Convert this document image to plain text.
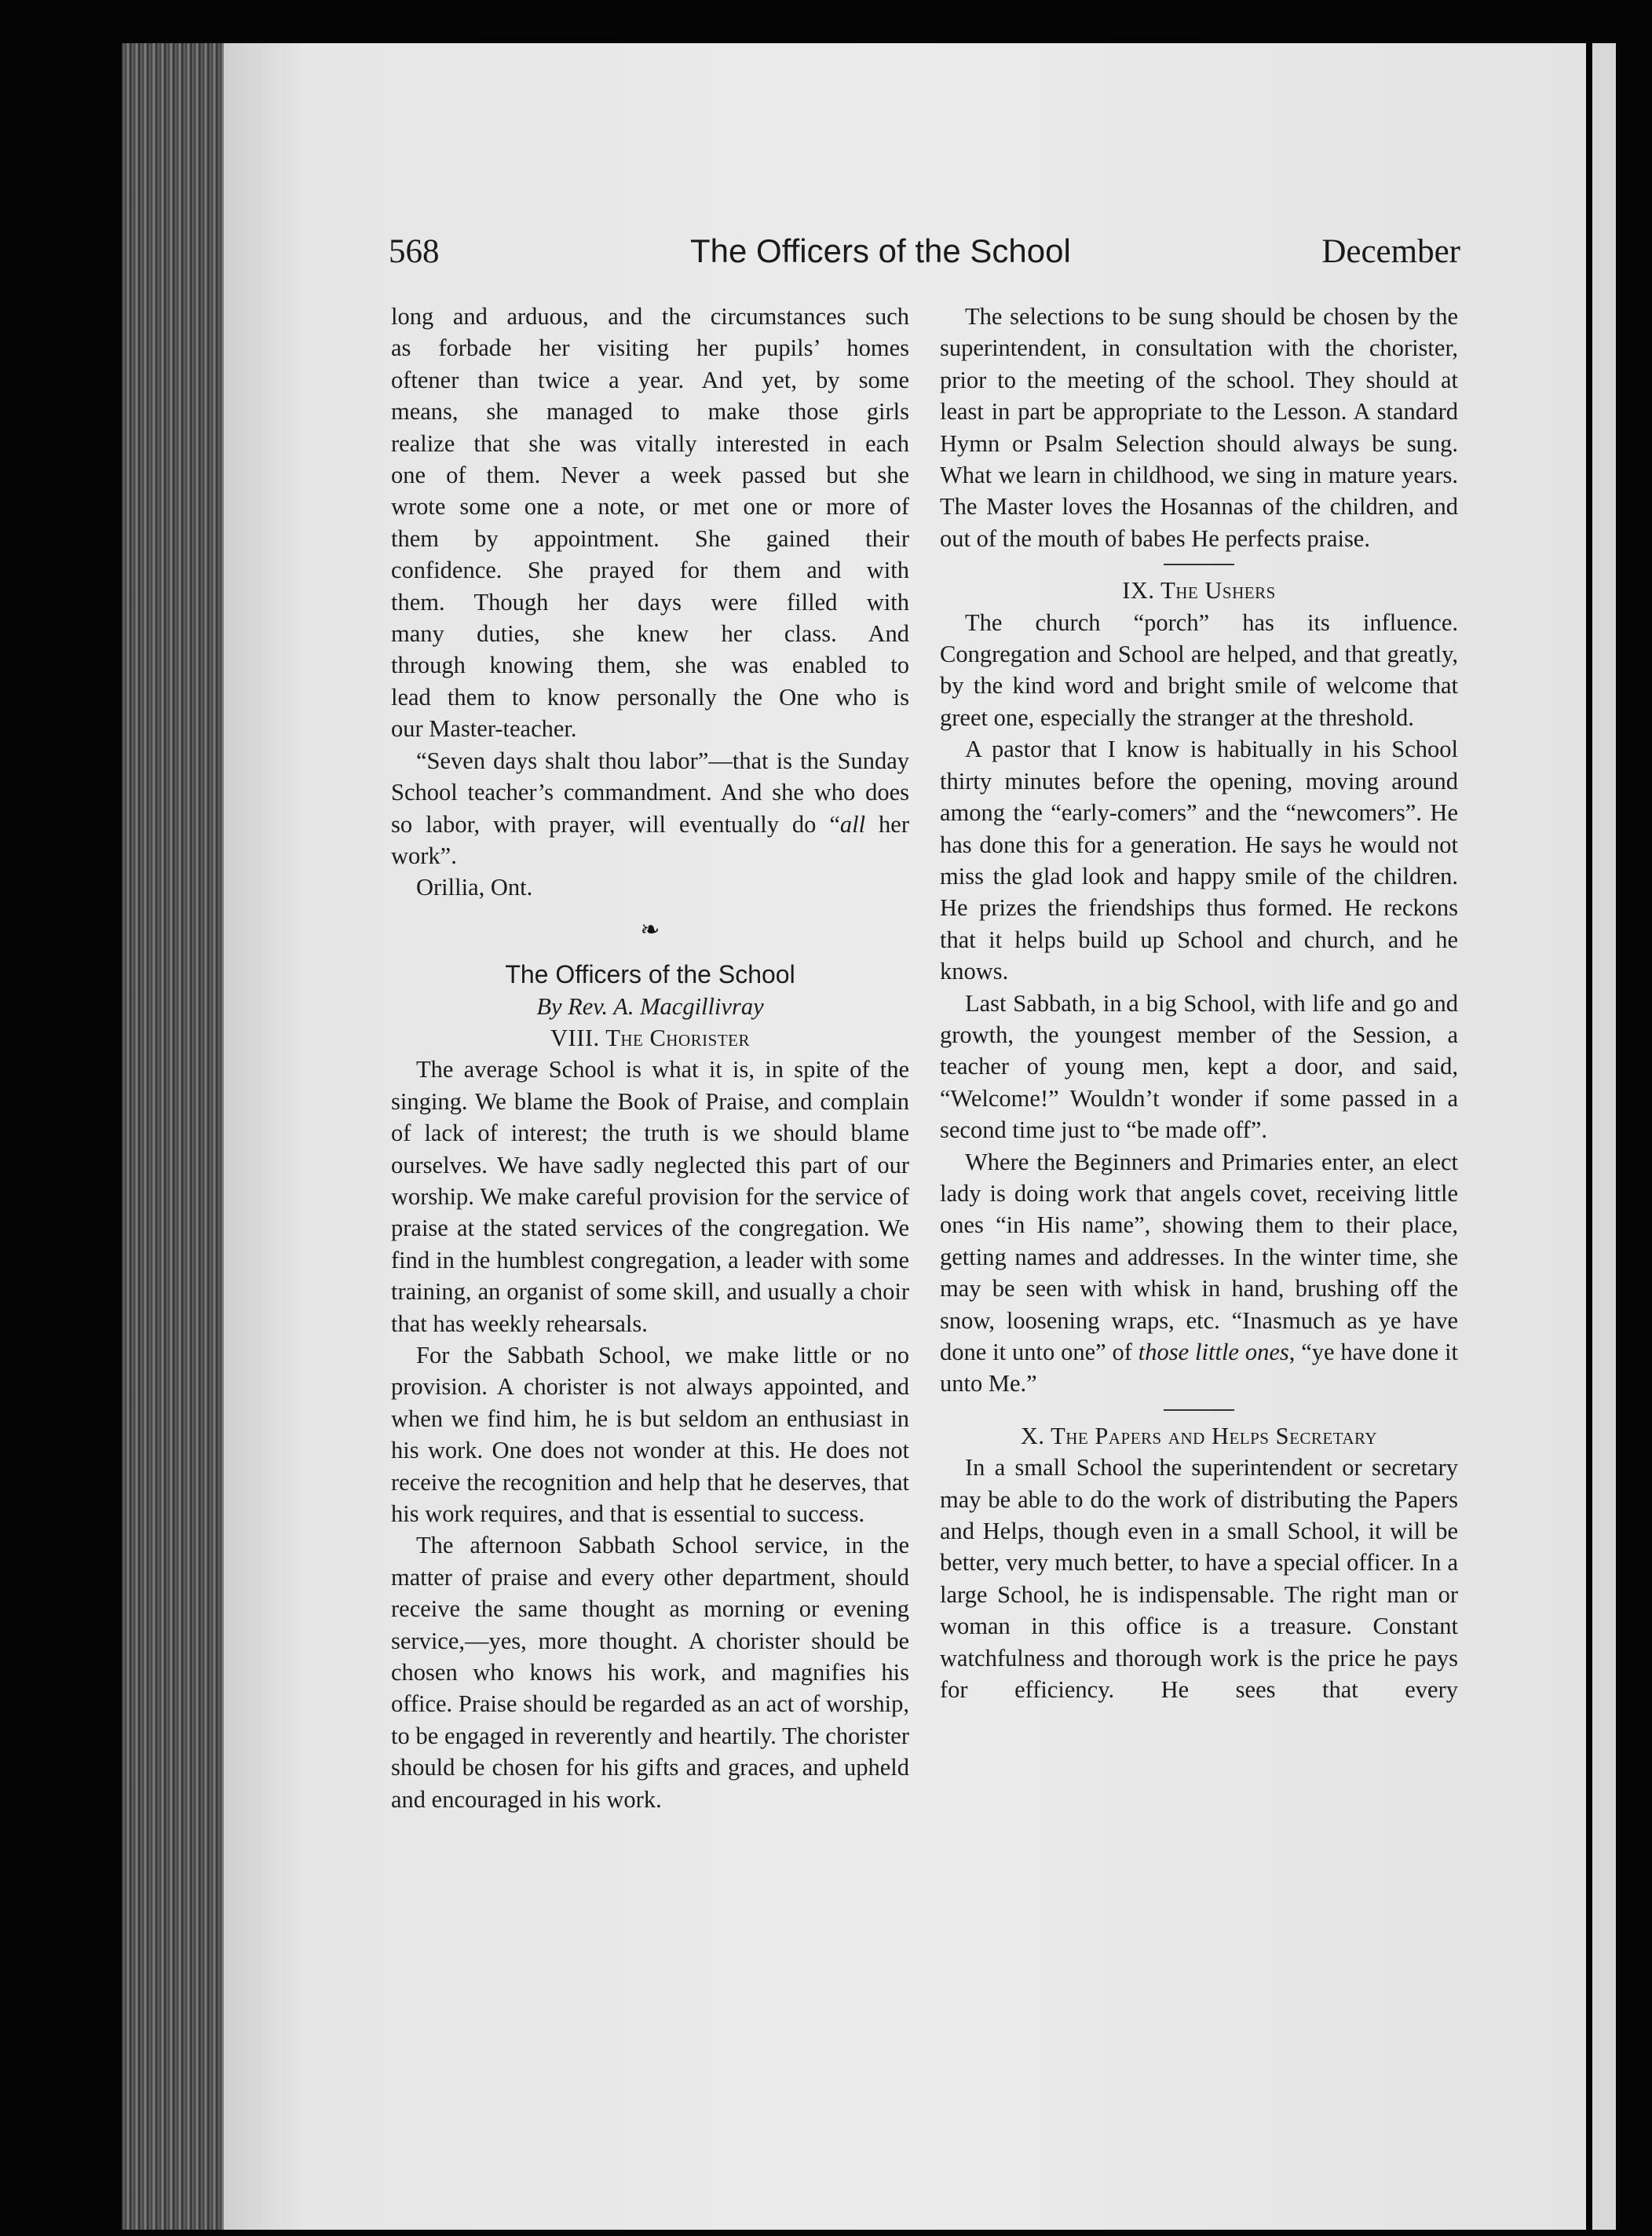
568	The Officers of the School	December

long and arduous, and the circumstances such
as forbade her visiting her pupils’ homes
oftener than twice a year. And yet, by some
means, she managed to make those girls
realize that she was vitally interested in each
one of them. Never a week passed but she
wrote some one a note, or met one or more of
them by appointment. She gained their
confidence. She prayed for them and with
them. Though her days were filled with
many duties, she knew her class. And
through knowing them, she was enabled to
lead them to know personally the One who is
our Master-teacher.

“Seven days shalt thou labor”—that is the Sunday School teacher’s commandment. And she who does so labor, with prayer, will eventually do “all her work”.

Orillia, Ont.

❧

The Officers of the School

By Rev. A. Macgillivray

VIII. The Chorister

The average School is what it is, in spite of the singing. We blame the Book of Praise, and complain of lack of interest; the truth is we should blame ourselves. We have sadly neglected this part of our worship. We make careful provision for the service of praise at the stated services of the congregation. We find in the humblest congregation, a leader with some training, an organist of some skill, and usually a choir that has weekly rehearsals.

For the Sabbath School, we make little or no provision. A chorister is not always appointed, and when we find him, he is but seldom an enthusiast in his work. One does not wonder at this. He does not receive the recognition and help that he deserves, that his work requires, and that is essential to success.

The afternoon Sabbath School service, in the matter of praise and every other department, should receive the same thought as morning or evening service,—yes, more thought. A chorister should be chosen who knows his work, and magnifies his office. Praise should be regarded as an act of worship, to be engaged in reverently and heartily. The chorister should be chosen for his gifts and graces, and upheld and encouraged in his work.

The selections to be sung should be chosen by the superintendent, in consultation with the chorister, prior to the meeting of the school. They should at least in part be appropriate to the Lesson. A standard Hymn or Psalm Selection should always be sung. What we learn in childhood, we sing in mature years. The Master loves the Hosannas of the children, and out of the mouth of babes He perfects praise.

IX. The Ushers

The church “porch” has its influence. Congregation and School are helped, and that greatly, by the kind word and bright smile of welcome that greet one, especially the stranger at the threshold.

A pastor that I know is habitually in his School thirty minutes before the opening, moving around among the “early-comers” and the “newcomers”. He has done this for a generation. He says he would not miss the glad look and happy smile of the children. He prizes the friendships thus formed. He reckons that it helps build up School and church, and he knows.

Last Sabbath, in a big School, with life and go and growth, the youngest member of the Session, a teacher of young men, kept a door, and said, “Welcome!” Wouldn’t wonder if some passed in a second time just to “be made off”.

Where the Beginners and Primaries enter, an elect lady is doing work that angels covet, receiving little ones “in His name”, showing them to their place, getting names and addresses. In the winter time, she may be seen with whisk in hand, brushing off the snow, loosening wraps, etc. “Inasmuch as ye have done it unto one” of those little ones, “ye have done it unto Me.”

X. The Papers and Helps Secretary

In a small School the superintendent or secretary may be able to do the work of distributing the Papers and Helps, though even in a small School, it will be better, very much better, to have a special officer. In a large School, he is indispensable. The right man or woman in this office is a treasure. Constant watchfulness and thorough work is the price he pays for efficiency. He sees that every
